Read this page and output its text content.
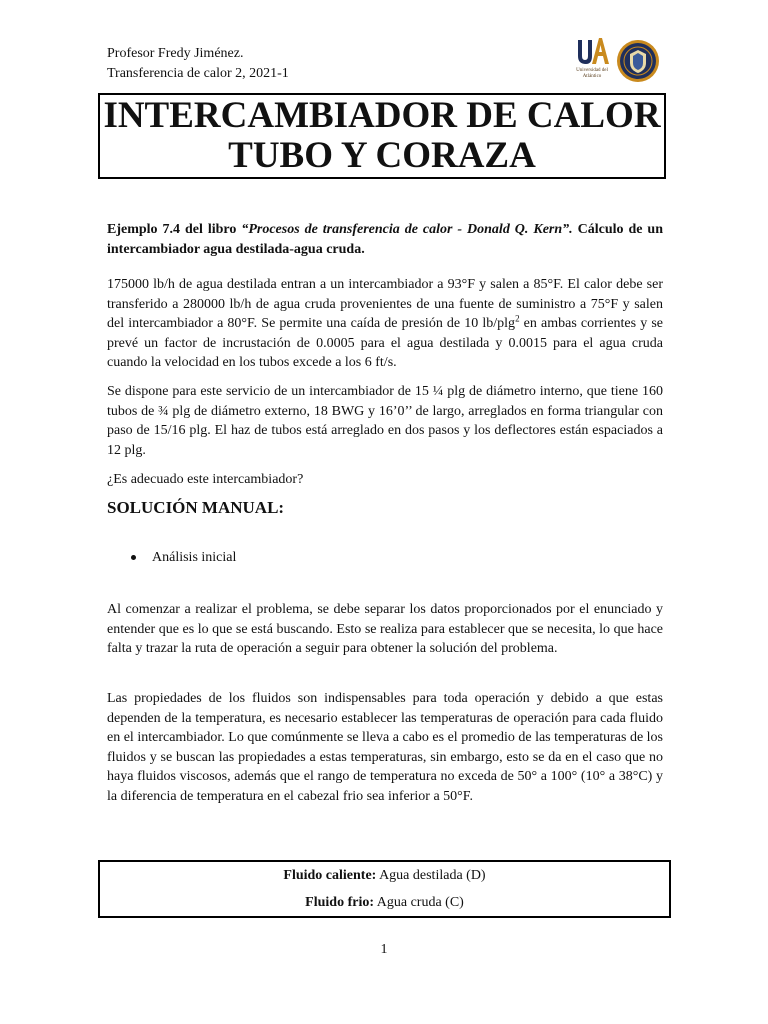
Profesor Fredy Jiménez.
Transferencia de calor 2, 2021-1	Universidad del Atlántico
INTERCAMBIADOR DE CALOR
TUBO Y CORAZA
Ejemplo 7.4 del libro “Procesos de transferencia de calor - Donald Q. Kern”. Cálculo de un intercambiador agua destilada-agua cruda.

175000 lb/h de agua destilada entran a un intercambiador a 93°F y salen a 85°F. El calor debe ser transferido a 280000 lb/h de agua cruda provenientes de una fuente de suministro a 75°F y salen del intercambiador a 80°F. Se permite una caída de presión de 10 lb/plg$^2$ en ambas corrientes y se prevé un factor de incrustación de 0.0005 para el agua destilada y 0.0015 para el agua cruda cuando la velocidad en los tubos excede a los 6 ft/s.

Se dispone para este servicio de un intercambiador de 15 ¼ plg de diámetro interno, que tiene 160 tubos de ¾ plg de diámetro externo, 18 BWG y 16’0’’ de largo, arreglados en forma triangular con paso de 15/16 plg. El haz de tubos está arreglado en dos pasos y los deflectores están espaciados a 12 plg.

¿Es adecuado este intercambiador?

SOLUCIÓN MANUAL:
Análisis inicial

Al comenzar a realizar el problema, se debe separar los datos proporcionados por el enunciado y entender que es lo que se está buscando. Esto se realiza para establecer que se necesita, lo que hace falta y trazar la ruta de operación a seguir para obtener la solución del problema.

Las propiedades de los fluidos son indispensables para toda operación y debido a que estas dependen de la temperatura, es necesario establecer las temperaturas de operación para cada fluido en el intercambiador. Lo que comúnmente se lleva a cabo es el promedio de las temperaturas de los fluidos y se buscan las propiedades a estas temperaturas, sin embargo, esto se da en el caso que no haya fluidos viscosos, además que el rango de temperatura no exceda de 50° a 100° (10° a 38°C) y la diferencia de temperatura en el cabezal frio sea inferior a 50°F.

Fluido caliente: Agua destilada (D)
Fluido frio: Agua cruda (C)
1
